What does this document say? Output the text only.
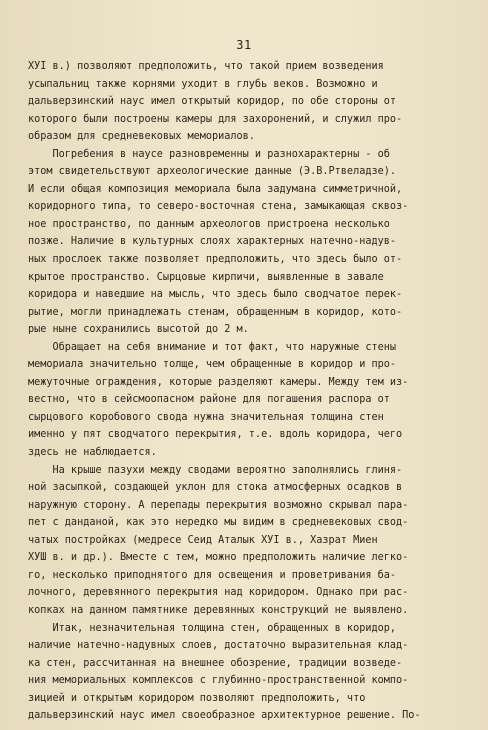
31
ХУI в.) позволяют предположить, что такой прием возведения
усыпальниц также корнями уходит в глубь веков. Возможно и
дальверзинский наус имел открытый коридор, по обе стороны от
которого были построены камеры для захоронений, и служил про-
образом для средневековых мемориалов.
Погребения в наусе разновременны и разнохарактерны - об
этом свидетельствуют археологические данные (Э.В.Ртвеладзе).
И если общая композиция мемориала была задумана симметричной,
коридорного типа, то северо-восточная стена, замыкающая сквоз-
ное пространство, по данным археологов пристроена несколько
позже. Наличие в культурных слоях характерных натечно-надув-
ных прослоек также позволяет предположить, что здесь было от-
крытое пространство. Сырцовые кирпичи, выявленные в завале
коридора и наведшие на мысль, что здесь было сводчатое перек-
рытие, могли принадлежать стенам, обращенным в коридор, кото-
рые ныне сохранились высотой до 2 м.
Обращает на себя внимание и тот факт, что наружные стены
мемориала значительно толще, чем обращенные в коридор и про-
межуточные ограждения, которые разделяют камеры. Между тем из-
вестно, что в сейсмоопасном районе для погашения распора от
сырцового коробового свода нужна значительная толщина стен
именно у пят сводчатого перекрытия, т.е. вдоль коридора, чего
здесь не наблюдается.
На крыше пазухи между сводами вероятно заполнялись глиня-
ной засыпкой, создающей уклон для стока атмосферных осадков в
наружную сторону. А перепады перекрытия возможно скрывал пара-
пет с данданой, как это нередко мы видим в средневековых свод-
чатых постройках (медресе Сеид Аталык ХУI в., Хазрат Миен
ХУШ в. и др.). Вместе с тем, можно предположить наличие легко-
го, несколько приподнятого для освещения и проветривания ба-
лочного, деревянного перекрытия над коридором. Однако при рас-
копках на данном памятнике деревянных конструкций не выявлено.
Итак, незначительная толщина стен, обращенных в коридор,
наличие натечно-надувных слоев, достаточно выразительная клад-
ка стен, рассчитанная на внешнее обозрение, традиции возведе-
ния мемориальных комплексов с глубинно-пространственной компо-
зицией и открытым коридором позволяют предположить, что
дальверзинский наус имел своеобразное архитектурное решение. По-
